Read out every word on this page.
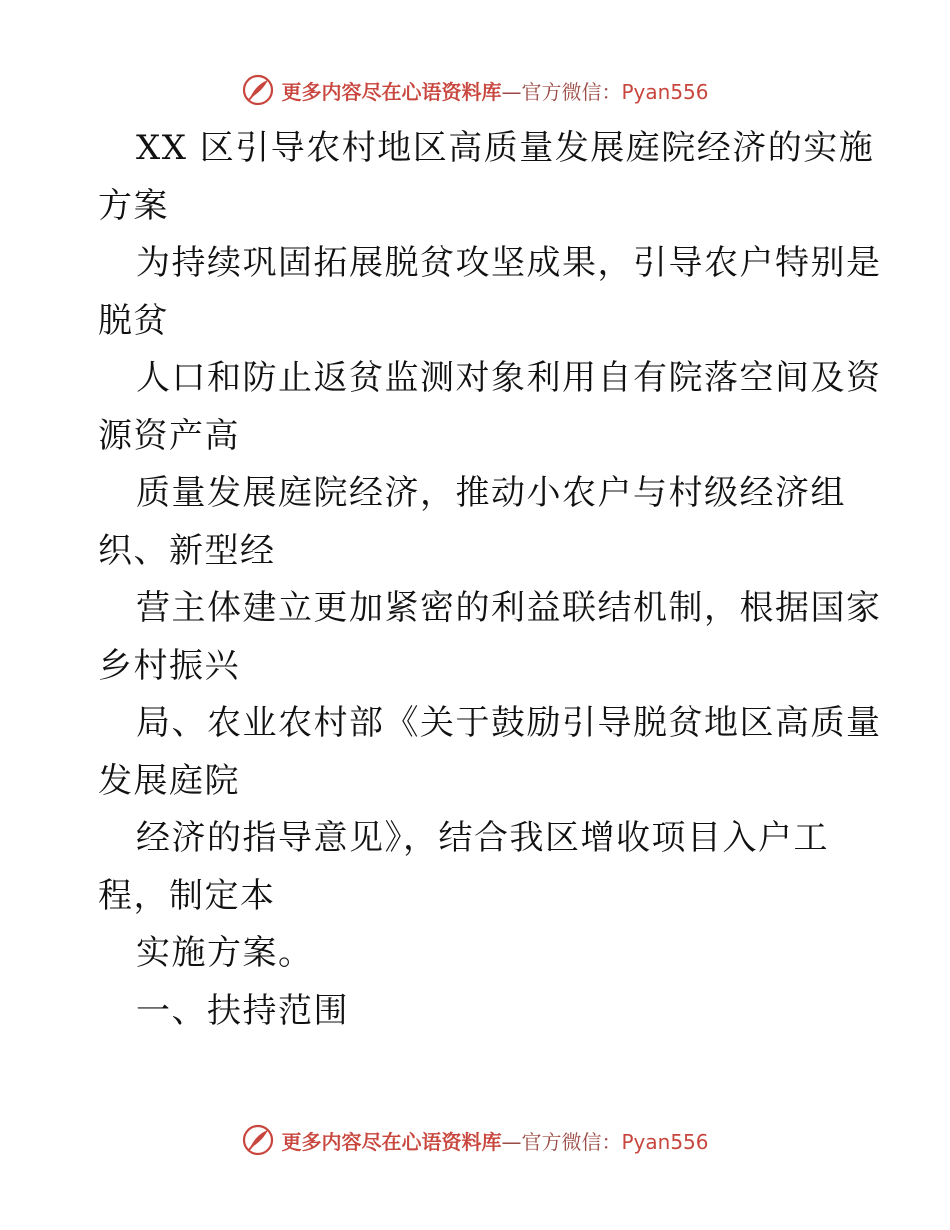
更多内容尽在心语资料库—官方微信：Pyan556
XX 区引导农村地区高质量发展庭院经济的实施
方案
为持续巩固拓展脱贫攻坚成果，引导农户特别是
脱贫
人口和防止返贫监测对象利用自有院落空间及资
源资产高
质量发展庭院经济，推动小农户与村级经济组
织、新型经
营主体建立更加紧密的利益联结机制，根据国家
乡村振兴
局、农业农村部《关于鼓励引导脱贫地区高质量
发展庭院
经济的指导意见》，结合我区增收项目入户工
程，制定本
实施方案。
一、扶持范围
更多内容尽在心语资料库—官方微信：Pyan556
